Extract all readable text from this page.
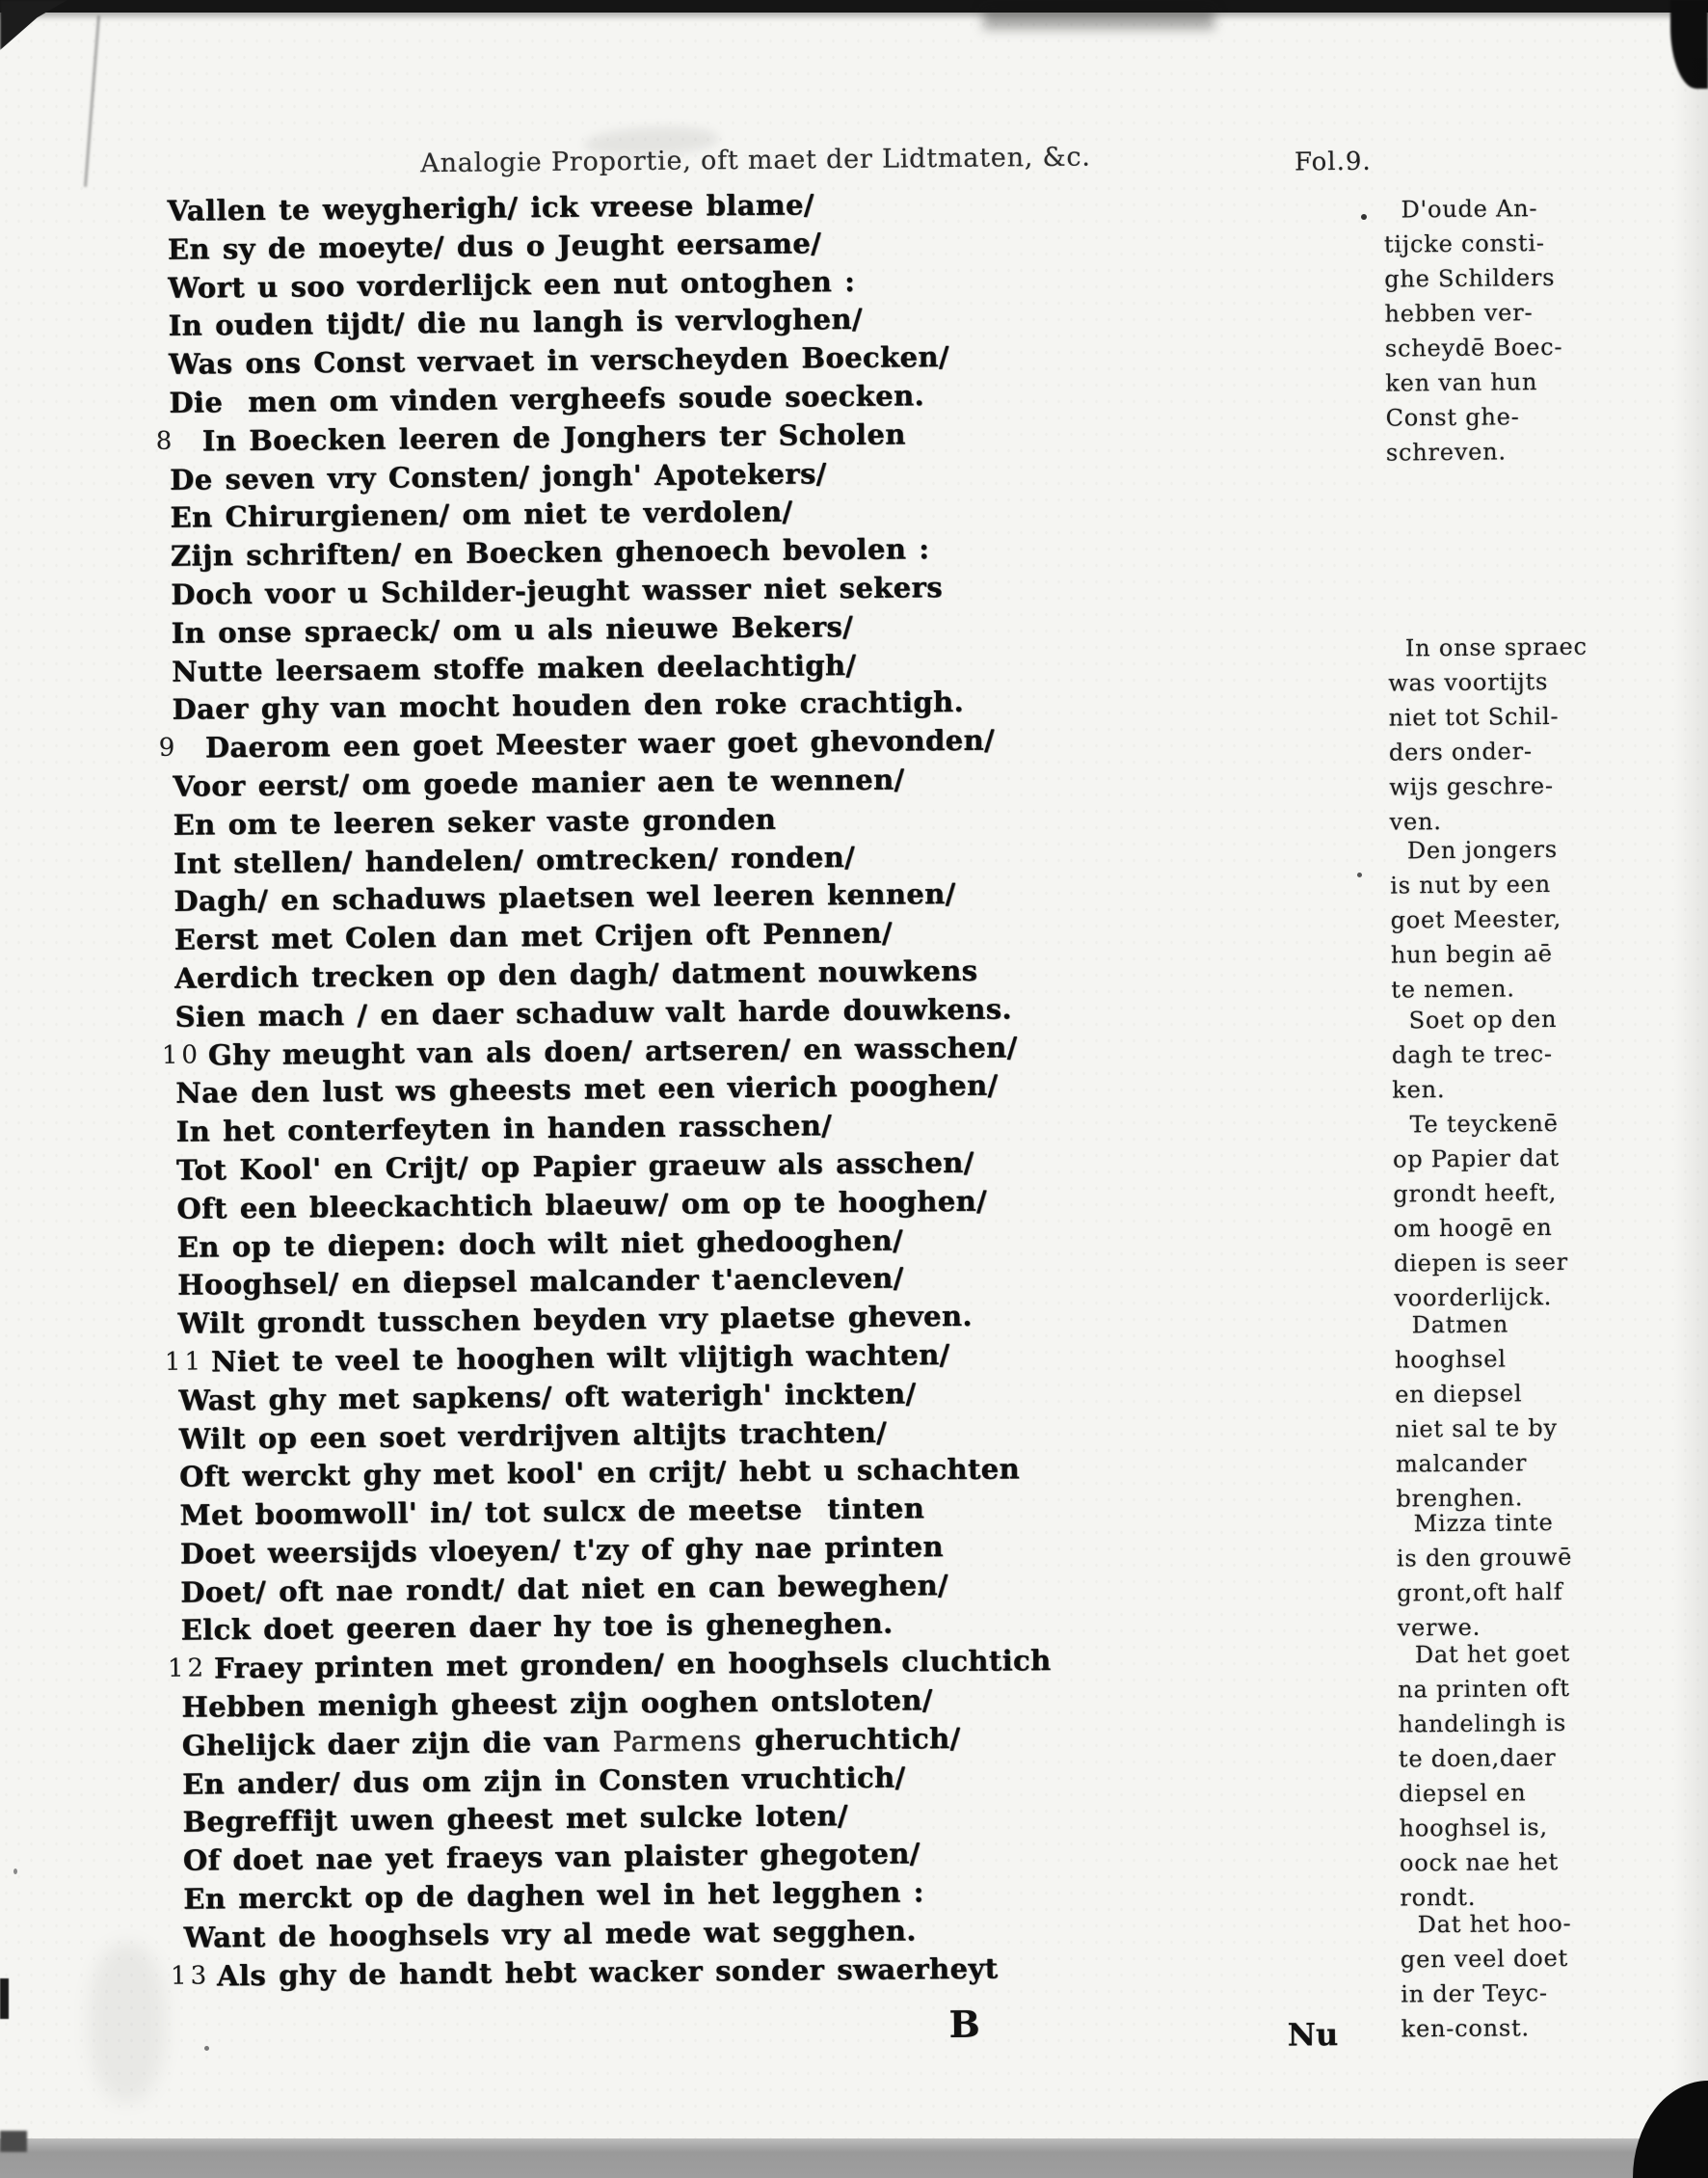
Analogie Proportie, oft maet der Lidtmaten, &c.	Fol.9.
Vallen te weygherigh/ ick vreese blame/
En sy de moeyte/ dus o Jeught eersame/
Wort u soo vorderlijck een nut ontoghen :
In ouden tijdt/ die nu langh is vervloghen/
Was ons Const vervaet in verscheyden Boecken/
Die  men om vinden vergheefs soude soecken.
8 In Boecken leeren de Jonghers ter Scholen
De seven vry Consten/ jongh' Apotekers/
En Chirurgienen/ om niet te verdolen/
Zijn schriften/ en Boecken ghenoech bevolen :
Doch voor u Schilder-jeught wasser niet sekers
In onse spraeck/ om u als nieuwe Bekers/
Nutte leersaem stoffe maken deelachtigh/
Daer ghy van mocht houden den roke crachtigh.
9 Daerom een goet Meester waer goet ghevonden/
Voor eerst/ om goede manier aen te wennen/
En om te leeren seker vaste gronden
Int stellen/ handelen/ omtrecken/ ronden/
Dagh/ en schaduws plaetsen wel leeren kennen/
Eerst met Colen dan met Crijen oft Pennen/
Aerdich trecken op den dagh/ datment nouwkens
Sien mach / en daer schaduw valt harde douwkens.
10 Ghy meught van als doen/ artseren/ en wasschen/
Nae den lust ws gheests met een vierich pooghen/
In het conterfeyten in handen rasschen/
Tot Kool' en Crijt/ op Papier graeuw als asschen/
Oft een bleeckachtich blaeuw/ om op te hooghen/
En op te diepen: doch wilt niet ghedooghen/
Hooghsel/ en diepsel malcander t'aencleven/
Wilt grondt tusschen beyden vry plaetse gheven.
11 Niet te veel te hooghen wilt vlijtigh wachten/
Wast ghy met sapkens/ oft waterigh' inckten/
Wilt op een soet verdrijven altijts trachten/
Oft werckt ghy met kool' en crijt/ hebt u schachten
Met boomwoll' in/ tot sulcx de meetse  tinten
Doet weersijds vloeyen/ t'zy of ghy nae printen
Doet/ oft nae rondt/ dat niet en can beweghen/
Elck doet geeren daer hy toe is gheneghen.
12 Fraey printen met gronden/ en hooghsels cluchtich
Hebben menigh gheest zijn ooghen ontsloten/
Ghelijck daer zijn die van Parmens gheruchtich/
En ander/ dus om zijn in Consten vruchtich/
Begreffijt uwen gheest met sulcke loten/
Of doet nae yet fraeys van plaister ghegoten/
En merckt op de daghen wel in het legghen :
Want de hooghsels vry al mede wat segghen.
13 Als ghy de handt hebt wacker sonder swaerheyt
D'oude An-
tijcke consti-
ghe Schilders
hebben ver-
scheydē Boec-
ken van hun
Const ghe-
schreven.
In onse spraec
was voortijts
niet tot Schil-
ders onder-
wijs geschre-
ven.
Den jongers
is nut by een
goet Meester,
hun begin aē
te nemen.
Soet op den
dagh te trec-
ken.
Te teyckenē
op Papier dat
grondt heeft,
om hoogē en
diepen is seer
voorderlijck.
Datmen
hooghsel
en diepsel
niet sal te by
malcander
brenghen.
Mizza tinte
is den grouwē
gront,oft half
verwe.
Dat het goet
na printen oft
handelingh is
te doen,daer
diepsel en
hooghsel is,
oock nae het
rondt.
Dat het hoo-
gen veel doet
in der Teyc-
ken-const.
B	Nu
